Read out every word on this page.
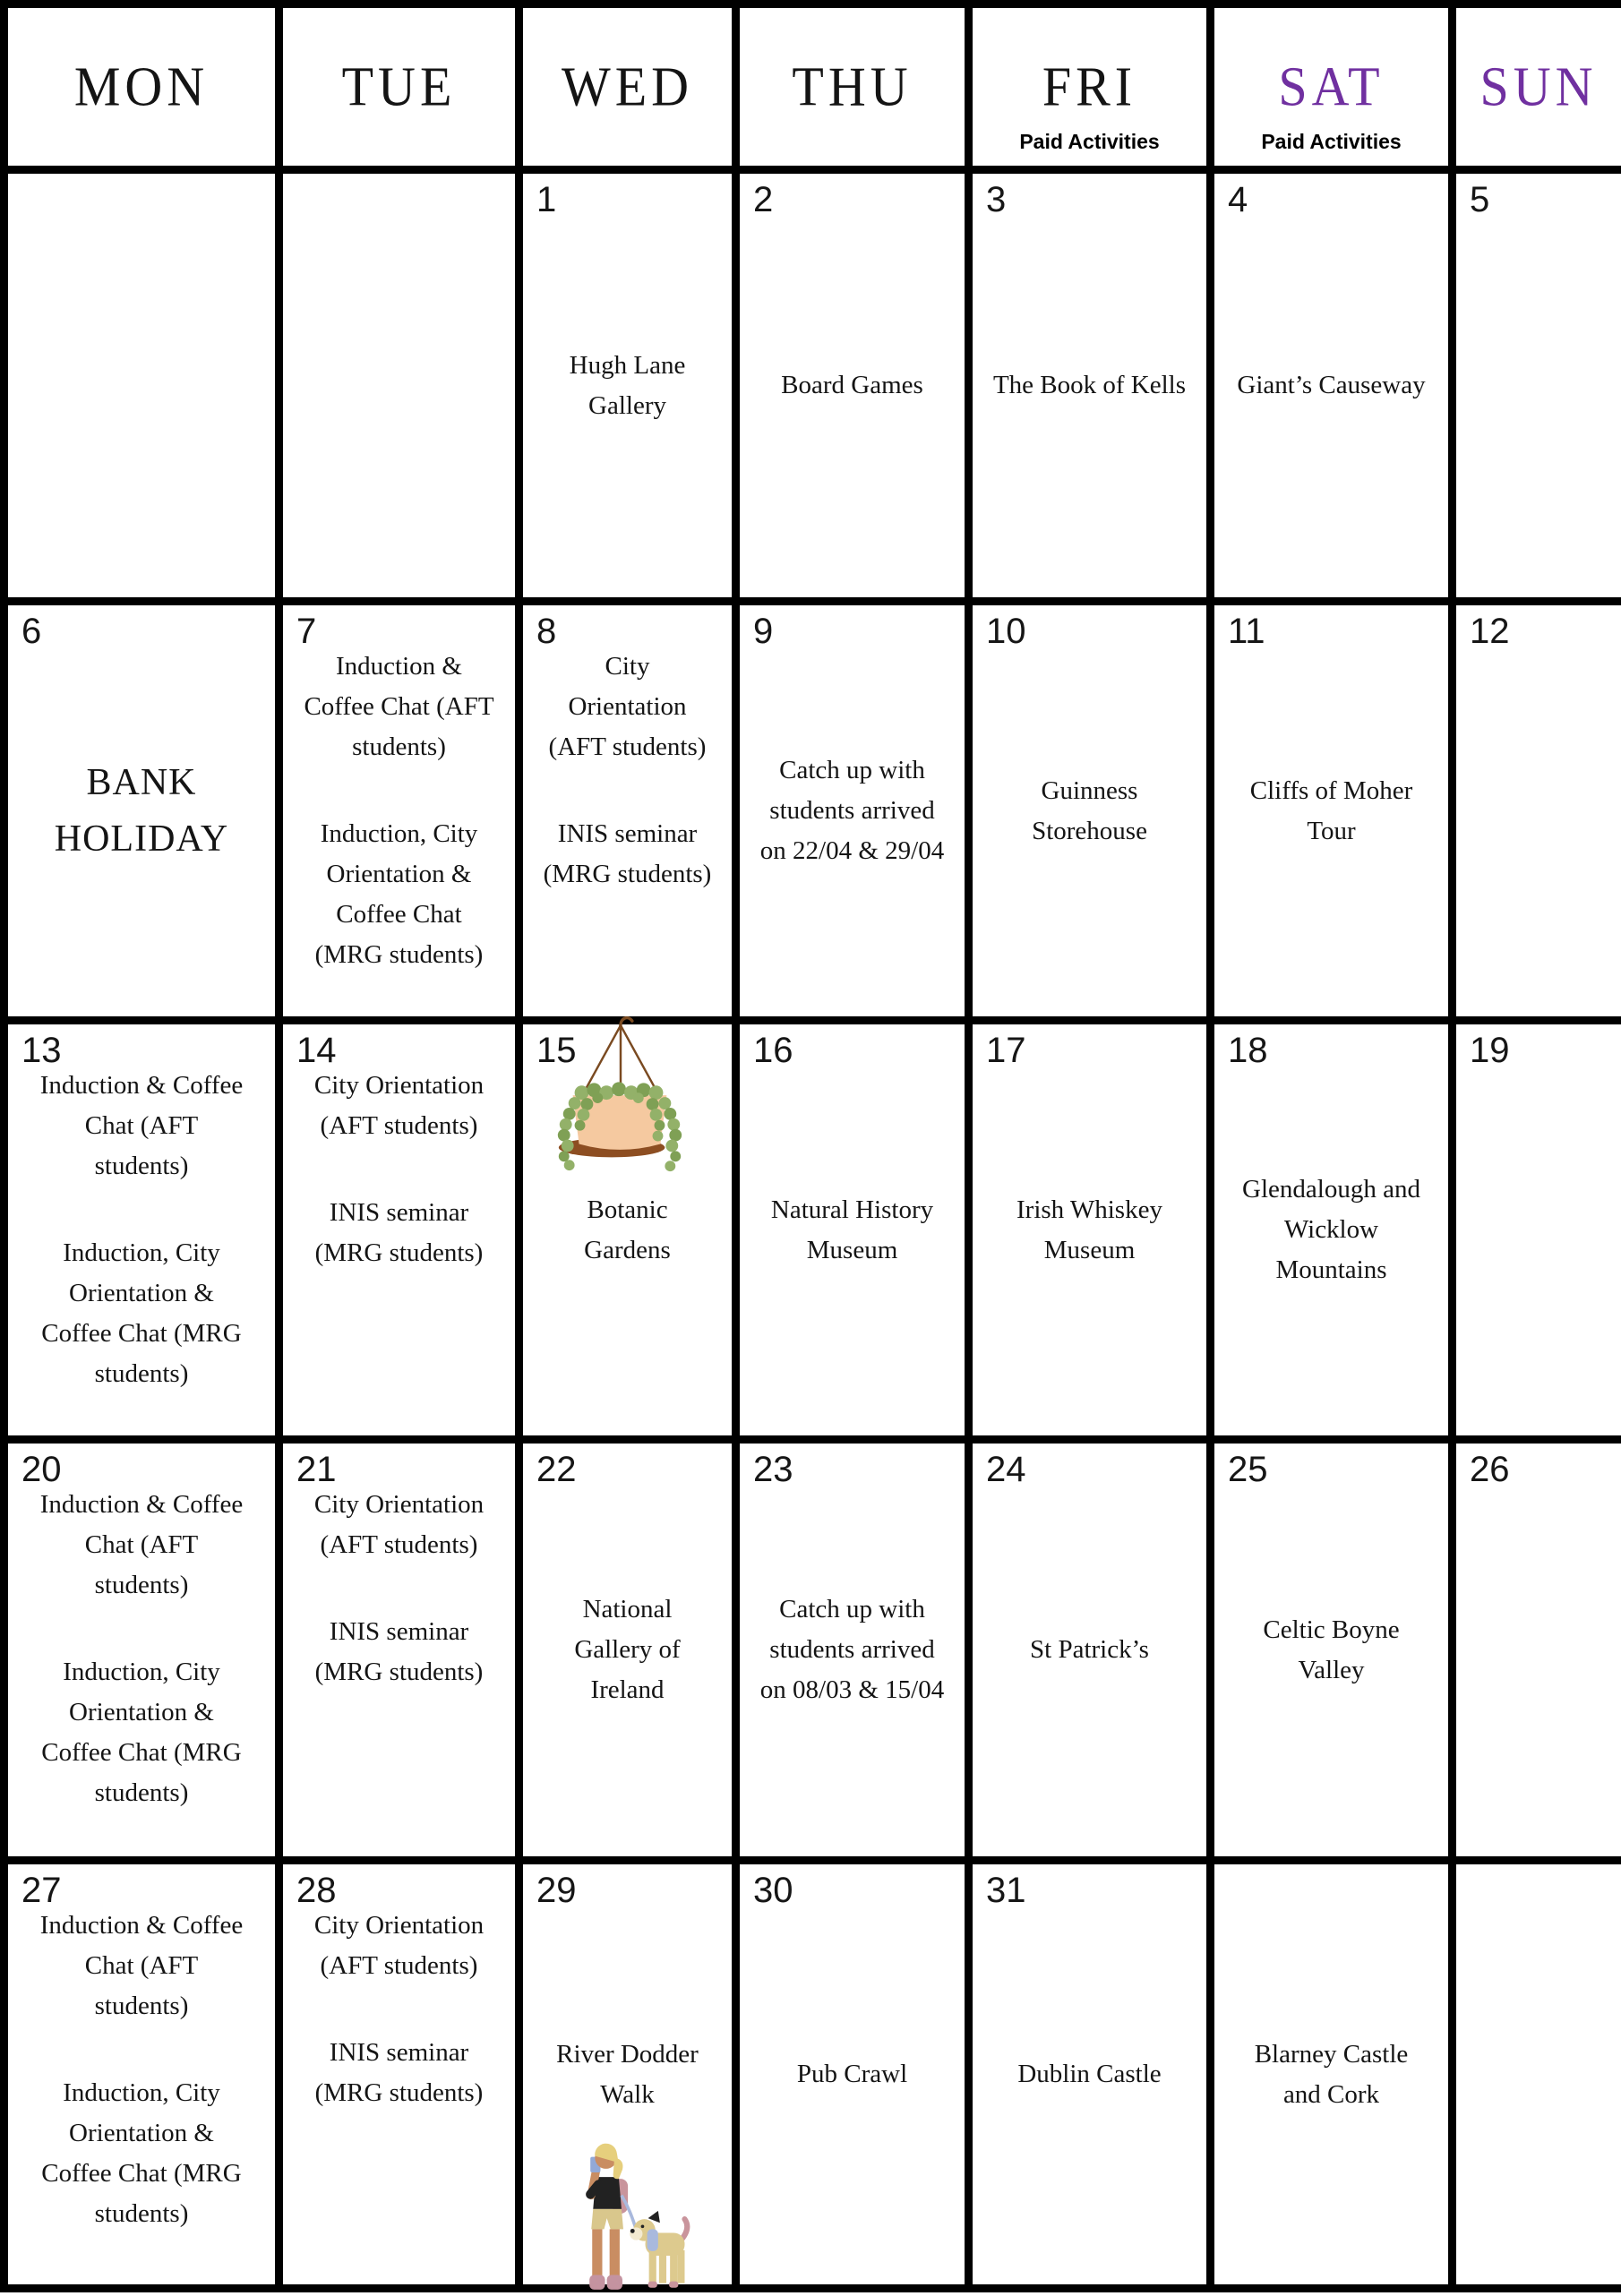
MON	TUE WED THU	FRI
Paid Activities
SAT
Paid Activities
SUN
1
Hugh Lane Gallery
2
Board Games
3
The Book of Kells
4
Giant’s Causeway
5
6
BANK HOLIDAY
7
Induction & Coffee Chat (AFT students)
Induction, City Orientation & Coffee Chat (MRG students)
8
City Orientation (AFT students)
INIS seminar (MRG students)
9
Catch up with students arrived on 22/04 & 29/04
10
Guinness Storehouse
11
Cliffs of Moher Tour
12
13
Induction & Coffee Chat (AFT students)
Induction, City Orientation & Coffee Chat (MRG students)
14
City Orientation (AFT students)
INIS seminar (MRG students)
15
Botanic Gardens
16
Natural History Museum
17
Irish Whiskey Museum
18
Glendalough and Wicklow Mountains
19
20
Induction & Coffee Chat (AFT students)
Induction, City Orientation & Coffee Chat (MRG students)
21
City Orientation (AFT students)
INIS seminar (MRG students)
22
National Gallery of Ireland
23
Catch up with students arrived on 08/03 & 15/04
24
St Patrick’s
25
Celtic Boyne Valley
26
27
Induction & Coffee Chat (AFT students)
Induction, City Orientation & Coffee Chat (MRG students)
28
City Orientation (AFT students)
INIS seminar (MRG students)
29
River Dodder Walk
30
Pub Crawl
31
Dublin Castle
Blarney Castle and Cork
